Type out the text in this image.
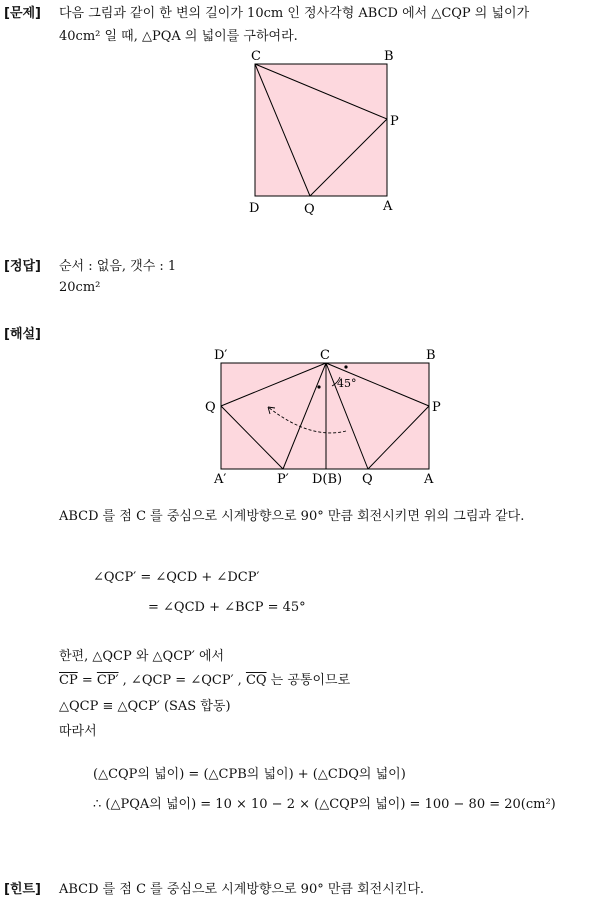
[문제] 다음 그림과 같이 한 변의 길이가 10cm 인 정사각형 ABCD 에서 △CQP 의 넓이가
40cm² 일 때, △PQA 의 넓이를 구하여라.
C	B
D	A
P
Q
[정답] 순서 : 없음, 갯수 : 1
20cm²
[해설]
D′	C	B
Q	P
A′	P′ D(B) Q	A
45°
ABCD 를 점 C 를 중심으로 시계방향으로 90° 만큼 회전시키면 위의 그림과 같다.
∠QCP′ = ∠QCD + ∠DCP′
= ∠QCD + ∠BCP = 45°
한편, △QCP 와 △QCP′ 에서
$\overline{CP} = CP'$ , ∠QCP = ∠QCP′ , $\overline{CQ}$ 는 공통이므로
△QCP ≡ △QCP′ (SAS 합동)
따라서
(△CQP의 넓이) = (△CPB의 넓이) + (△CDQ의 넓이)
∴ (△PQA의 넓이) = 10 × 10 − 2 × (△CQP의 넓이) = 100 − 80 = 20(cm²)
[힌트] ABCD 를 점 C 를 중심으로 시계방향으로 90° 만큼 회전시킨다.
